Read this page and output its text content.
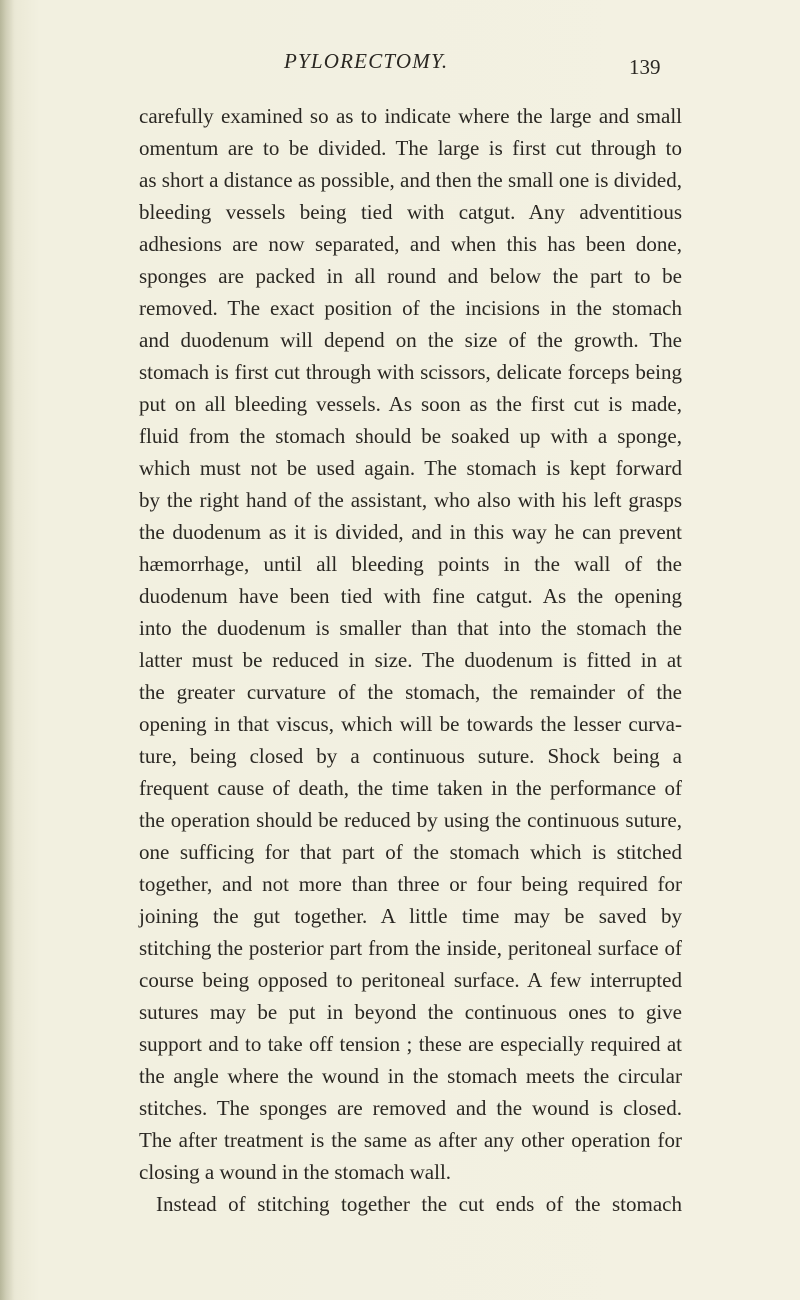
PYLORECTOMY.	139
carefully examined so as to indicate where the large and small
omentum are to be divided. The large is first cut through to
as short a distance as possible, and then the small one is divided,
bleeding vessels being tied with catgut. Any adventitious
adhesions are now separated, and when this has been done,
sponges are packed in all round and below the part to be
removed. The exact position of the incisions in the stomach
and duodenum will depend on the size of the growth. The
stomach is first cut through with scissors, delicate forceps being
put on all bleeding vessels. As soon as the first cut is made,
fluid from the stomach should be soaked up with a sponge,
which must not be used again. The stomach is kept forward
by the right hand of the assistant, who also with his left grasps
the duodenum as it is divided, and in this way he can prevent
hæmorrhage, until all bleeding points in the wall of the
duodenum have been tied with fine catgut. As the opening
into the duodenum is smaller than that into the stomach the
latter must be reduced in size. The duodenum is fitted in at
the greater curvature of the stomach, the remainder of the
opening in that viscus, which will be towards the lesser curva-
ture, being closed by a continuous suture. Shock being a
frequent cause of death, the time taken in the performance of
the operation should be reduced by using the continuous suture,
one sufficing for that part of the stomach which is stitched
together, and not more than three or four being required for
joining the gut together. A little time may be saved by
stitching the posterior part from the inside, peritoneal surface of
course being opposed to peritoneal surface. A few interrupted
sutures may be put in beyond the continuous ones to give
support and to take off tension ; these are especially required at
the angle where the wound in the stomach meets the circular
stitches. The sponges are removed and the wound is closed.
The after treatment is the same as after any other operation for
closing a wound in the stomach wall.
Instead of stitching together the cut ends of the stomach
